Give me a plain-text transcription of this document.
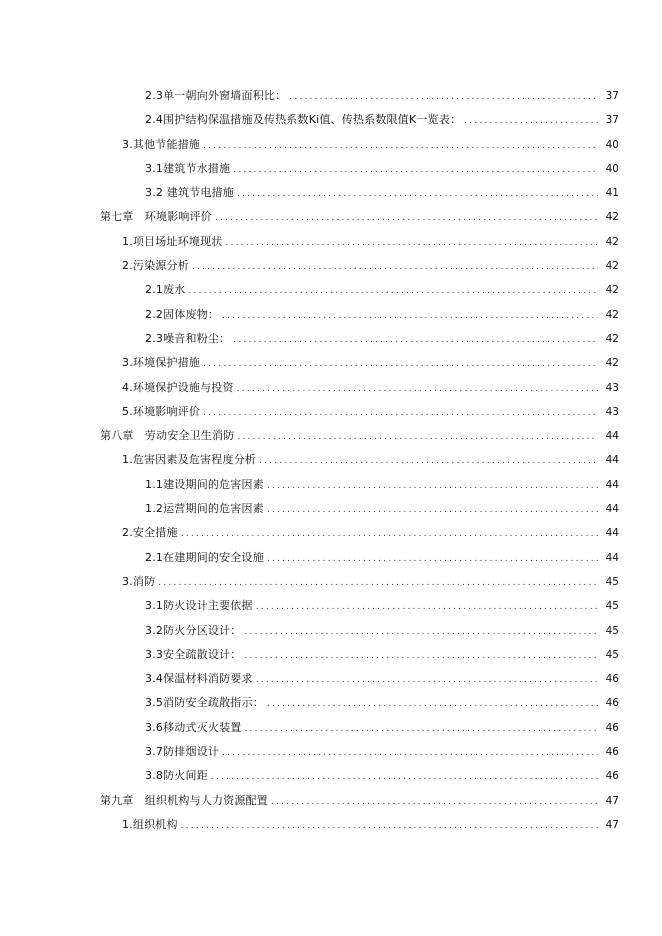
2.3单一朝向外窗墙面积比： .....	37
2.4围护结构保温措施及传热系数Ki值、传热系数限值K一览表： .....	37
3.其他节能措施 .....	40
3.1建筑节水措施 .....	40
3.2 建筑节电措施 .....	41
第七章　环境影响评价 .....	42
1.项目场址环境现状 .....	42
2.污染源分析 .....	42
2.1废水 .....	42
2.2固体废物： .....	42
2.3噪音和粉尘： .....	42
3.环境保护措施 .....	42
4.环境保护设施与投资 .....	43
5.环境影响评价 .....	43
第八章　劳动安全卫生消防 .....	44
1.危害因素及危害程度分析 .....	44
1.1建设期间的危害因素 .....	44
1.2运营期间的危害因素 .....	44
2.安全措施 .....	44
2.1在建期间的安全设施 .....	44
3.消防 .....	45
3.1防火设计主要依据 .....	45
3.2防火分区设计： .....	45
3.3安全疏散设计： .....	45
3.4保温材料消防要求 .....	46
3.5消防安全疏散指示： .....	46
3.6移动式灭火装置 .....	46
3.7防排烟设计 .....	46
3.8防火间距 .....	46
第九章　组织机构与人力资源配置 .....	47
1.组织机构 .....	47
